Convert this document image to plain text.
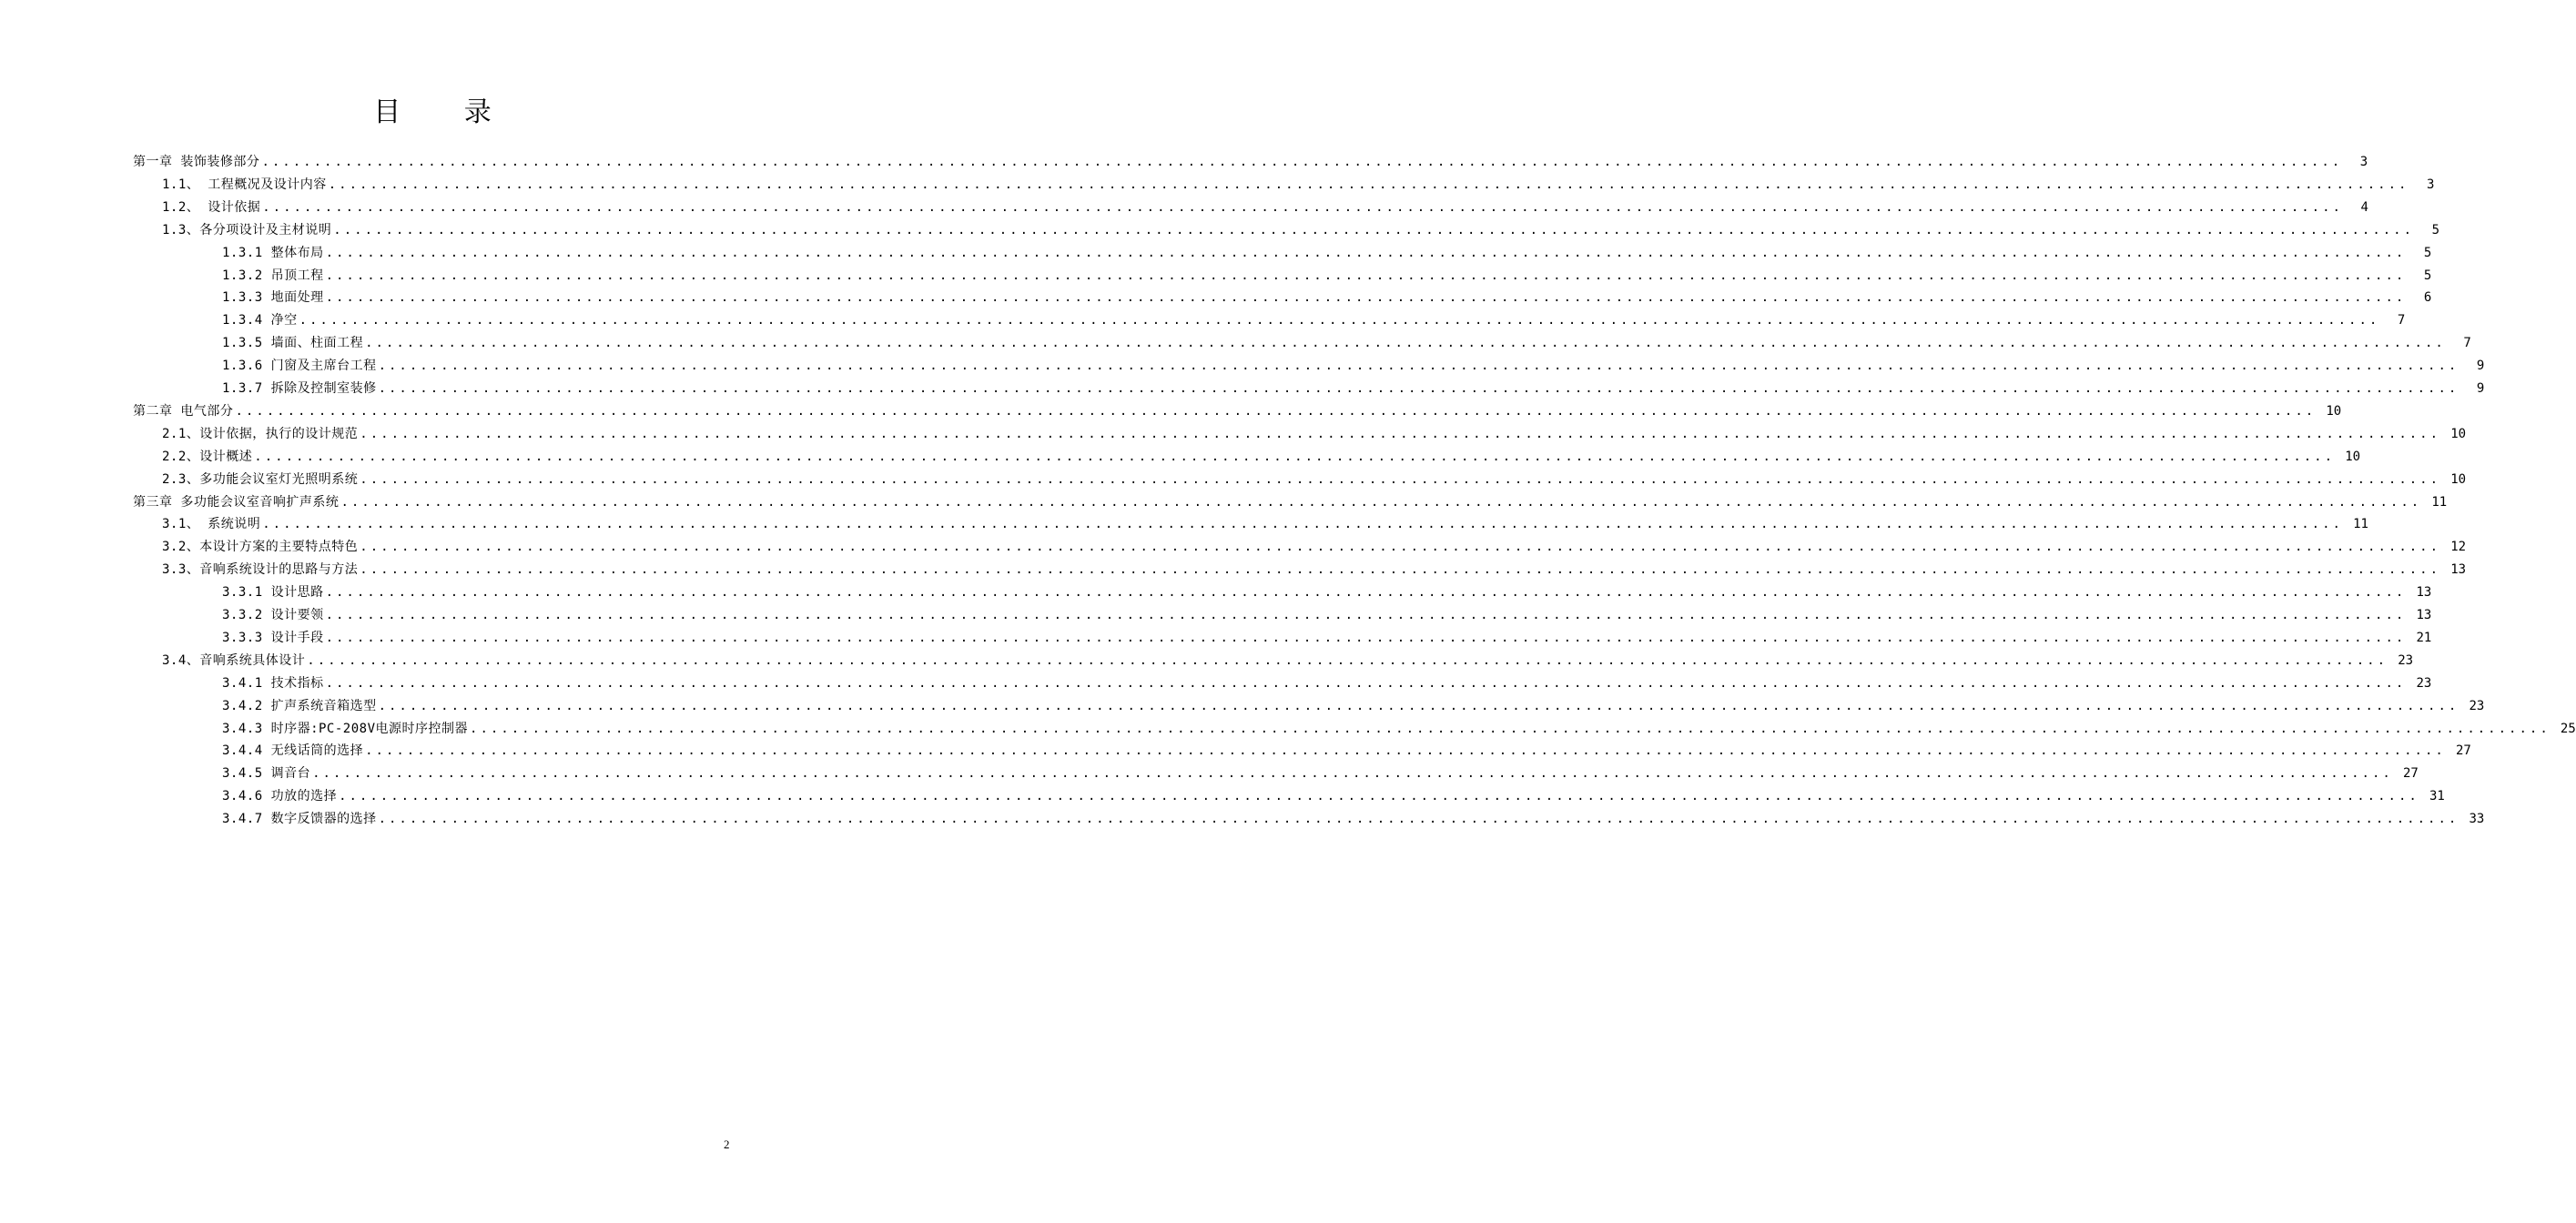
目 录
第一章 装饰装修部分 ........................................................................................................................................................................................................	3
1.1、 工程概况及设计内容 ........................................................................................................................................................................................................	3
1.2、 设计依据 ........................................................................................................................................................................................................	4
1.3、各分项设计及主材说明 ........................................................................................................................................................................................................	5
1.3.1 整体布局 ........................................................................................................................................................................................................	5
1.3.2 吊顶工程 ........................................................................................................................................................................................................	5
1.3.3 地面处理 ........................................................................................................................................................................................................	6
1.3.4 净空 ........................................................................................................................................................................................................	7
1.3.5 墙面、柱面工程 ........................................................................................................................................................................................................	7
1.3.6 门窗及主席台工程 ........................................................................................................................................................................................................	9
1.3.7 拆除及控制室装修 ........................................................................................................................................................................................................	9
第二章 电气部分 ........................................................................................................................................................................................................ 10
2.1、设计依据，执行的设计规范 ........................................................................................................................................................................................................ 10
2.2、设计概述 ........................................................................................................................................................................................................ 10
2.3、多功能会议室灯光照明系统 ........................................................................................................................................................................................................ 10
第三章 多功能会议室音响扩声系统 ........................................................................................................................................................................................................ 11
3.1、 系统说明 ........................................................................................................................................................................................................ 11
3.2、本设计方案的主要特点特色 ........................................................................................................................................................................................................ 12
3.3、音响系统设计的思路与方法 ........................................................................................................................................................................................................ 13
3.3.1 设计思路 ........................................................................................................................................................................................................ 13
3.3.2 设计要领 ........................................................................................................................................................................................................ 13
3.3.3 设计手段 ........................................................................................................................................................................................................ 21
3.4、音响系统具体设计 ........................................................................................................................................................................................................ 23
3.4.1 技术指标 ........................................................................................................................................................................................................ 23
3.4.2 扩声系统音箱选型 ........................................................................................................................................................................................................ 23
3.4.3 时序器:PC-208V电源时序控制器 ........................................................................................................................................................................................................ 25
3.4.4 无线话筒的选择 ........................................................................................................................................................................................................ 27
3.4.5 调音台 ........................................................................................................................................................................................................ 27
3.4.6 功放的选择 ........................................................................................................................................................................................................ 31
3.4.7 数字反馈器的选择 ........................................................................................................................................................................................................ 33
2
